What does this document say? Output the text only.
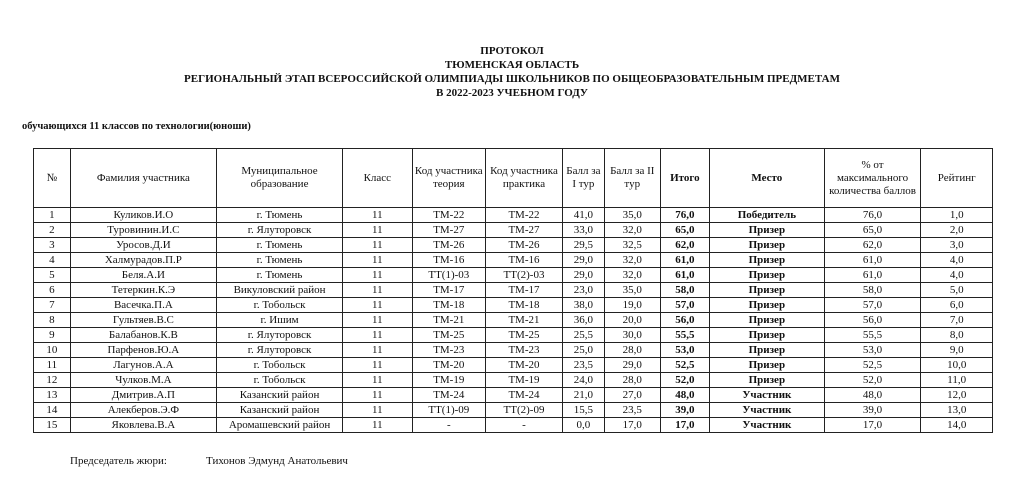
ПРОТОКОЛ
ТЮМЕНСКАЯ ОБЛАСТЬ
РЕГИОНАЛЬНЫЙ ЭТАП ВСЕРОССИЙСКОЙ ОЛИМПИАДЫ ШКОЛЬНИКОВ ПО ОБЩЕОБРАЗОВАТЕЛЬНЫМ ПРЕДМЕТАМ
В 2022-2023 УЧЕБНОМ ГОДУ
обучающихся 11 классов по технологии(юноши)
№	Фамилия участника	Муниципальное образование	Класс	Код участника теория	Код участника практика	Балл за I тур	Балл за II тур	Итого	Место	% от максимального количества баллов	Рейтинг
1	Куликов.И.О	г. Тюмень	11	ТМ-22	ТМ-22	41,0	35,0	76,0	Победитель	76,0	1,0
2	Туровинин.И.С	г. Ялуторовск	11	ТМ-27	ТМ-27	33,0	32,0	65,0	Призер	65,0	2,0
3	Уросов.Д.И	г. Тюмень	11	ТМ-26	ТМ-26	29,5	32,5	62,0	Призер	62,0	3,0
4	Халмурадов.П.Р	г. Тюмень	11	ТМ-16	ТМ-16	29,0	32,0	61,0	Призер	61,0	4,0
5	Беля.А.И	г. Тюмень	11	ТТ(1)-03	ТТ(2)-03	29,0	32,0	61,0	Призер	61,0	4,0
6	Тетеркин.К.Э	Викуловский район	11	ТМ-17	ТМ-17	23,0	35,0	58,0	Призер	58,0	5,0
7	Васечка.П.А	г. Тобольск	11	ТМ-18	ТМ-18	38,0	19,0	57,0	Призер	57,0	6,0
8	Гультяев.В.С	г. Ишим	11	ТМ-21	ТМ-21	36,0	20,0	56,0	Призер	56,0	7,0
9	Балабанов.К.В	г. Ялуторовск	11	ТМ-25	ТМ-25	25,5	30,0	55,5	Призер	55,5	8,0
10	Парфенов.Ю.А	г. Ялуторовск	11	ТМ-23	ТМ-23	25,0	28,0	53,0	Призер	53,0	9,0
11	Лагунов.А.А	г. Тобольск	11	ТМ-20	ТМ-20	23,5	29,0	52,5	Призер	52,5	10,0
12	Чулков.М.А	г. Тобольск	11	ТМ-19	ТМ-19	24,0	28,0	52,0	Призер	52,0	11,0
13	Дмитрив.А.П	Казанский район	11	ТМ-24	ТМ-24	21,0	27,0	48,0	Участник	48,0	12,0
14	Алекберов.Э.Ф	Казанский район	11	ТТ(1)-09	ТТ(2)-09	15,5	23,5	39,0	Участник	39,0	13,0
15	Яковлева.В.А	Аромашевский район	11	-	-	0,0	17,0	17,0	Участник	17,0	14,0
Председатель жюри:	Тихонов Эдмунд Анатольевич
